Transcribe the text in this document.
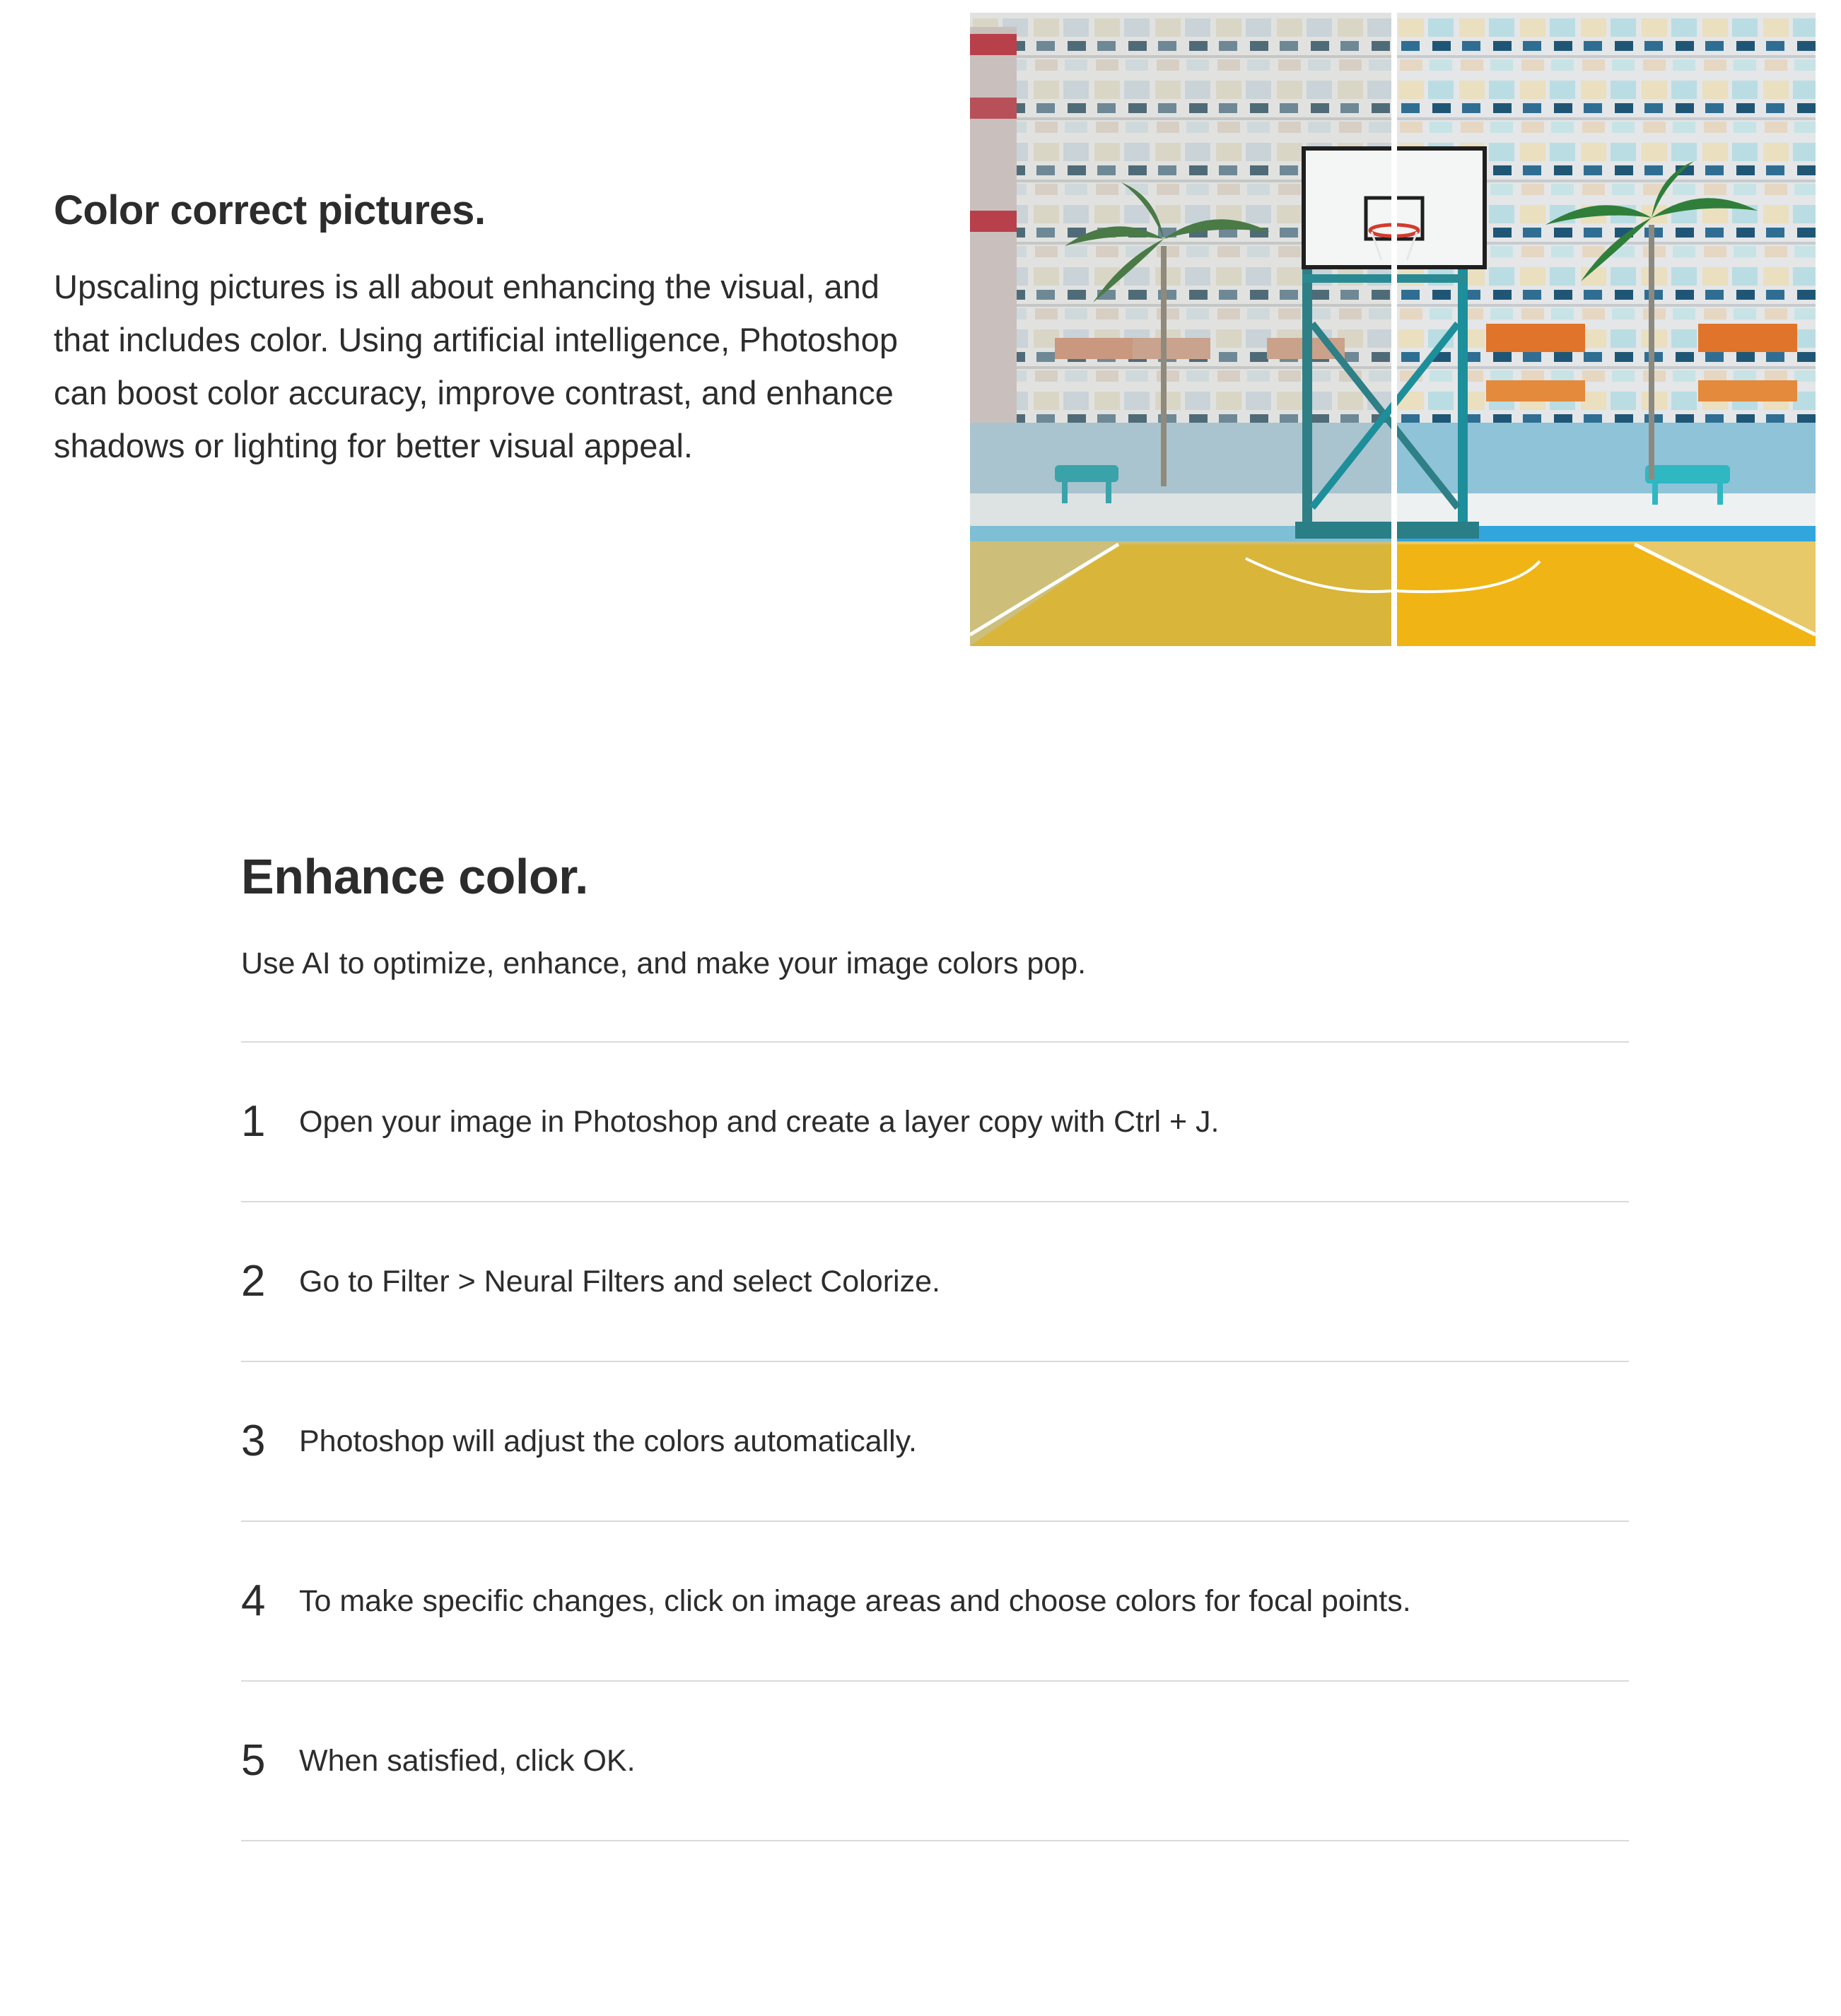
Color correct pictures.

Upscaling pictures is all about enhancing the visual, and that includes color. Using artificial intelligence, Photoshop can boost color accuracy, improve contrast, and enhance shadows or lighting for better visual appeal.

Enhance color.

Use AI to optimize, enhance, and make your image colors pop.

1	Open your image in Photoshop and create a layer copy with Ctrl + J.
2	Go to Filter > Neural Filters and select Colorize.
3	Photoshop will adjust the colors automatically.
4	To make specific changes, click on image areas and choose colors for focal points.
5	When satisfied, click OK.
